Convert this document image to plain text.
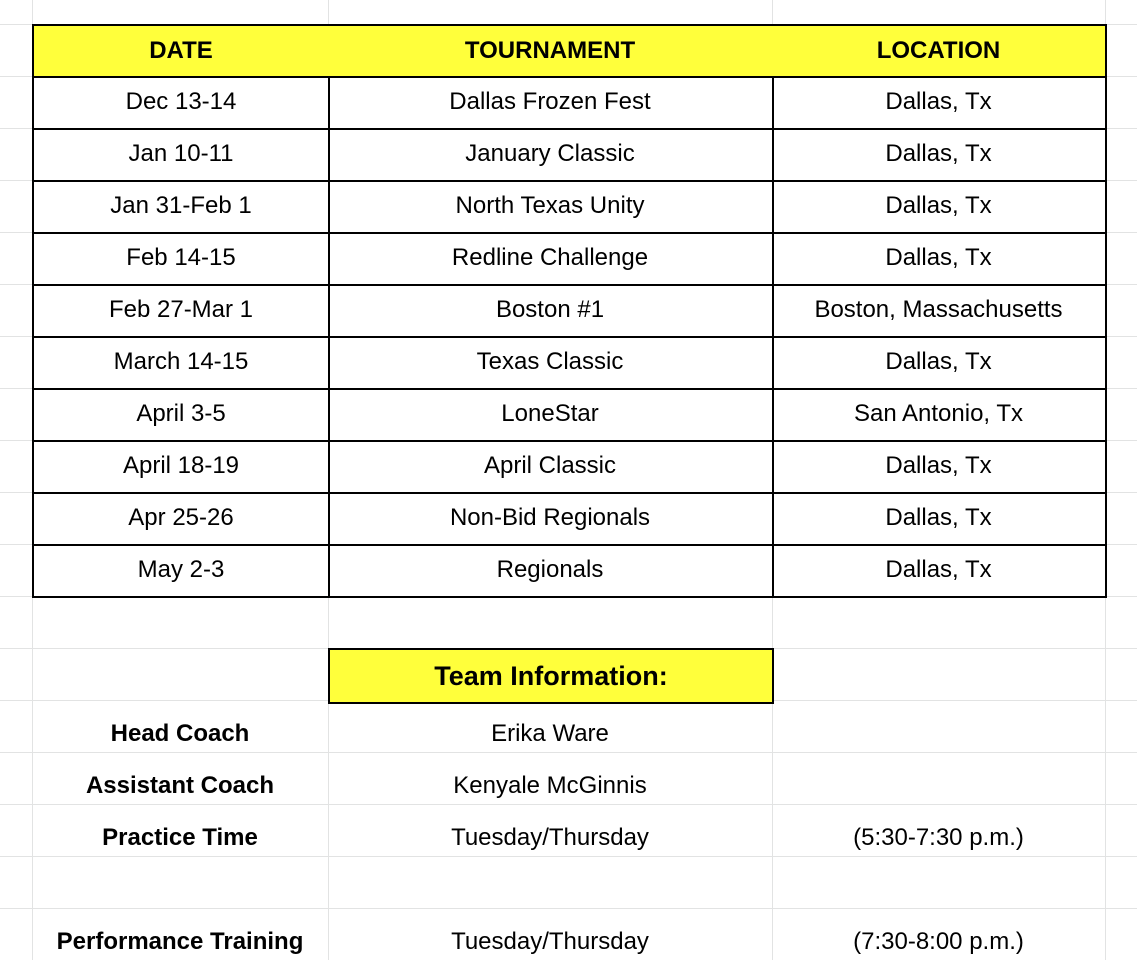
DATE	TOURNAMENT	LOCATION
Dec 13-14	Dallas Frozen Fest	Dallas, Tx
Jan 10-11	January Classic	Dallas, Tx
Jan 31-Feb 1	North Texas Unity	Dallas, Tx
Feb 14-15	Redline Challenge	Dallas, Tx
Feb 27-Mar 1	Boston #1	Boston, Massachusetts
March 14-15	Texas Classic	Dallas, Tx
April 3-5	LoneStar	San Antonio, Tx
April 18-19	April Classic	Dallas, Tx
Apr 25-26	Non-Bid Regionals	Dallas, Tx
May 2-3	Regionals	Dallas, Tx
Team Information:
Head Coach	Erika Ware
Assistant Coach	Kenyale McGinnis
Practice Time	Tuesday/Thursday	(5:30-7:30 p.m.)
Performance Training	Tuesday/Thursday	(7:30-8:00 p.m.)
